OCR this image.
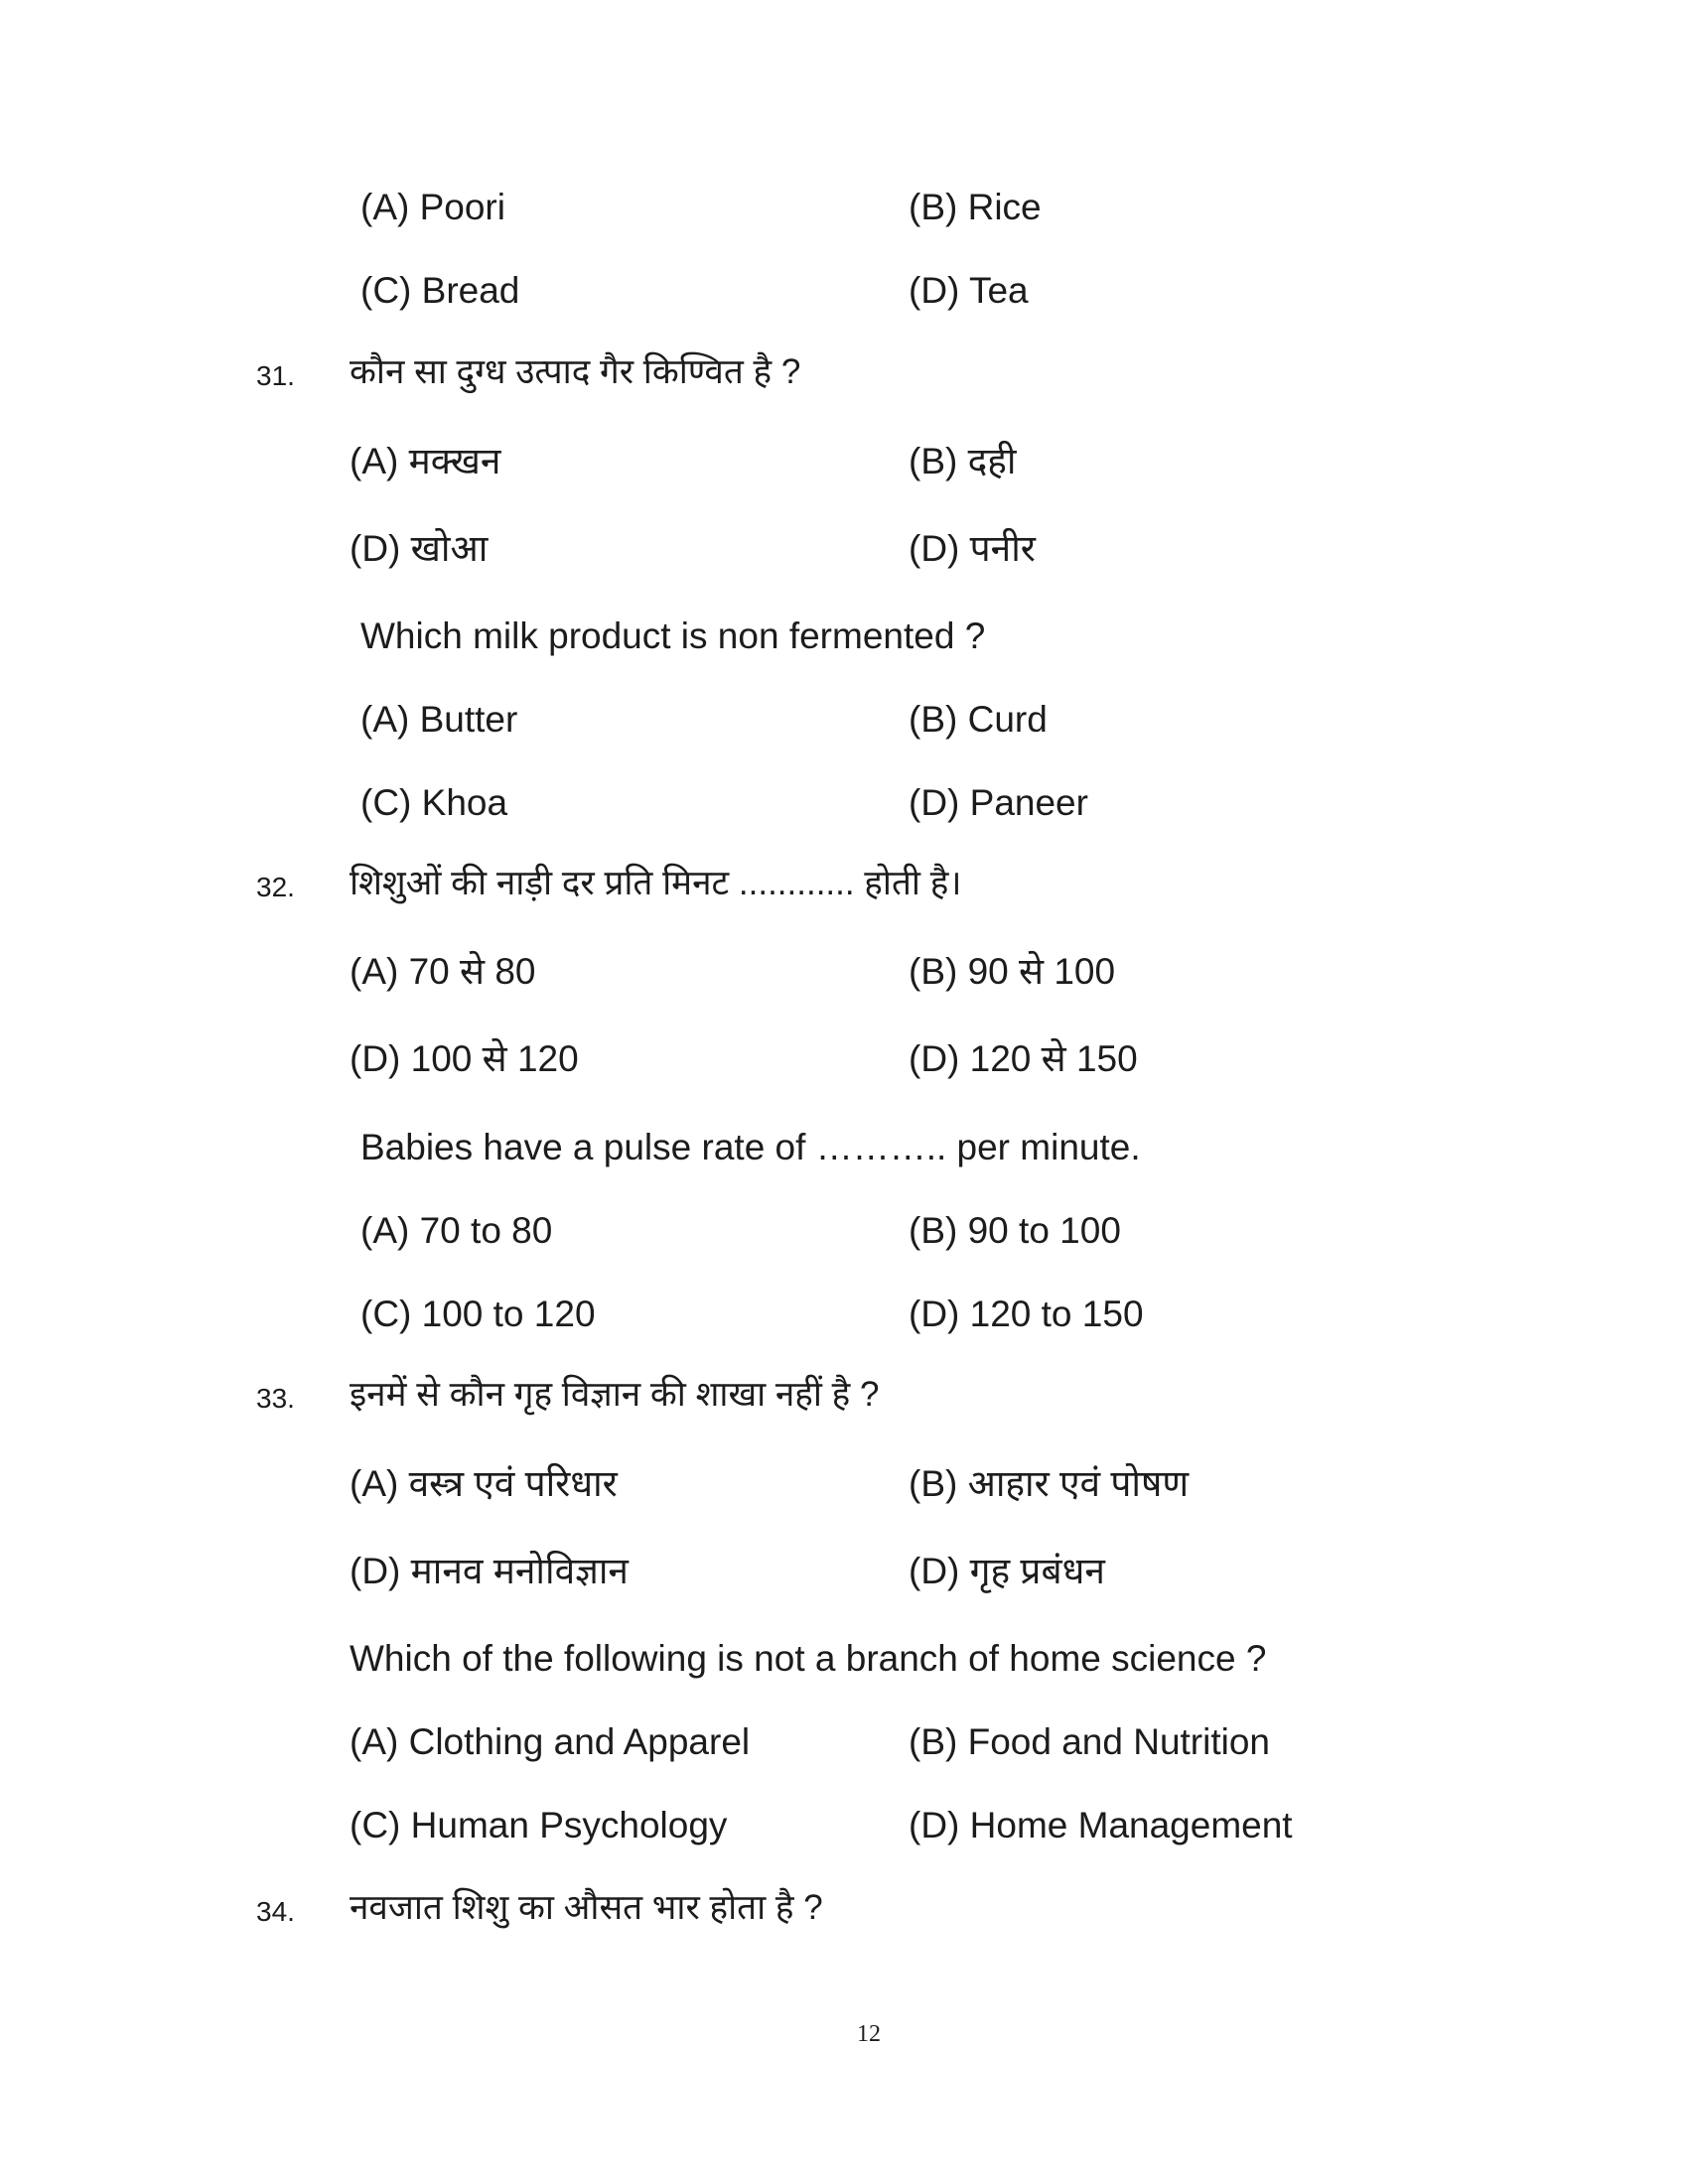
(A) Poori	(B) Rice
(C) Bread	(D) Tea
31. कौन सा दुग्ध उत्पाद गैर किण्वित है ?
(A) मक्खन	(B) दही
(D) खोआ	(D) पनीर
Which milk product is non fermented ?
(A) Butter	(B) Curd
(C) Khoa	(D) Paneer
32. शिशुओं की नाड़ी दर प्रति मिनट ............ होती है।
(A) 70 से 80	(B) 90 से 100
(D) 100 से 120	(D) 120 से 150
Babies have a pulse rate of ……….. per minute.
(A) 70 to 80	(B) 90 to 100
(C) 100 to 120	(D) 120 to 150
33. इनमें से कौन गृह विज्ञान की शाखा नहीं है ?
(A) वस्त्र एवं परिधार	(B) आहार एवं पोषण
(D) मानव मनोविज्ञान	(D) गृह प्रबंधन
Which of the following is not a branch of home science ?
(A) Clothing and Apparel	(B) Food and Nutrition
(C) Human Psychology	(D) Home Management
34. नवजात शिशु का औसत भार होता है ?
12
